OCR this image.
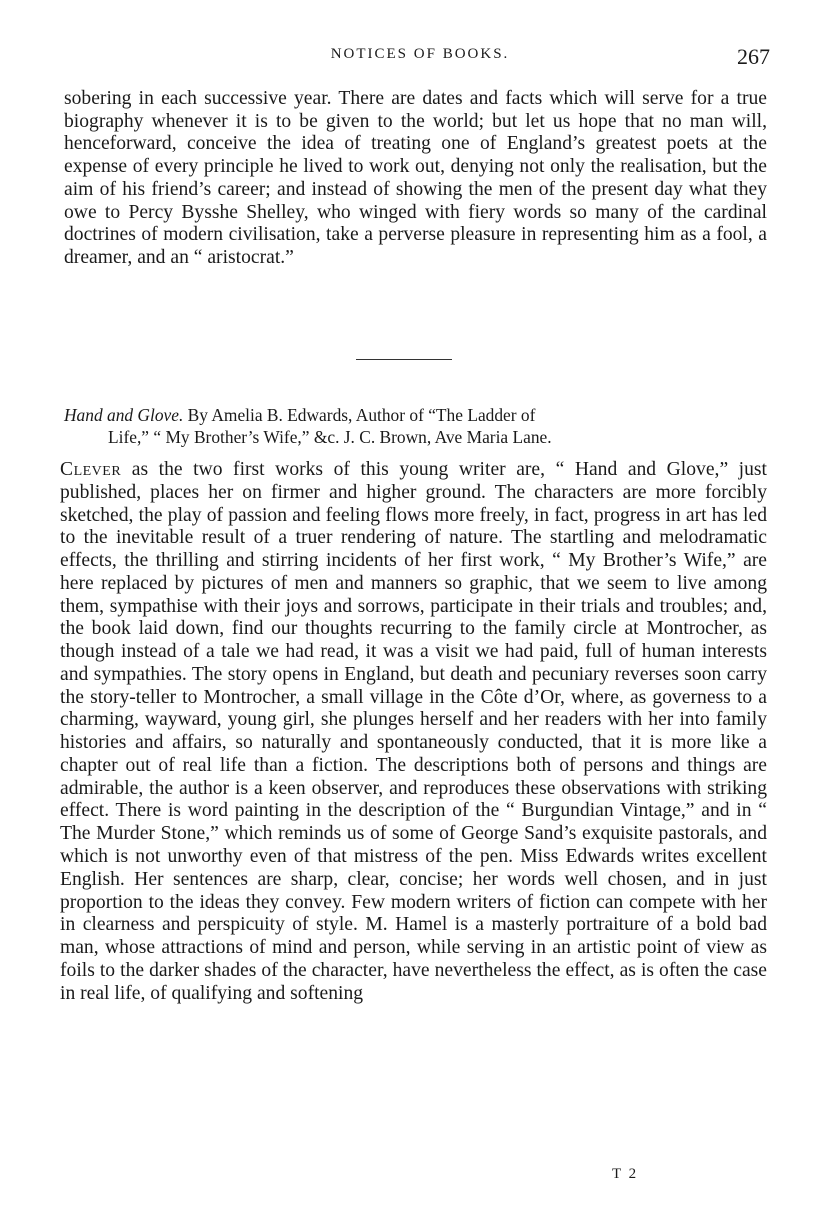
NOTICES OF BOOKS.	267

sobering in each successive year. There are dates and facts which will serve for a true biography whenever it is to be given to the world; but let us hope that no man will, henceforward, conceive the idea of treating one of England’s greatest poets at the expense of every principle he lived to work out, denying not only the realisation, but the aim of his friend’s career; and instead of showing the men of the present day what they owe to Percy Bysshe Shelley, who winged with fiery words so many of the cardinal doctrines of modern civilisation, take a perverse pleasure in representing him as a fool, a dreamer, and an “ aristocrat.”

Hand and Glove. By Amelia B. Edwards, Author of “The Ladder of
Life,” “ My Brother’s Wife,” &c. J. C. Brown, Ave Maria Lane.

Clever as the two first works of this young writer are, “ Hand and Glove,” just published, places her on firmer and higher ground. The characters are more forcibly sketched, the play of passion and feeling flows more freely, in fact, progress in art has led to the inevitable result of a truer rendering of nature. The startling and melodramatic effects, the thrilling and stirring incidents of her first work, “ My Brother’s Wife,” are here replaced by pictures of men and manners so graphic, that we seem to live among them, sympathise with their joys and sorrows, participate in their trials and troubles; and, the book laid down, find our thoughts recurring to the family circle at Montrocher, as though instead of a tale we had read, it was a visit we had paid, full of human interests and sympathies. The story opens in England, but death and pecuniary reverses soon carry the story-teller to Montrocher, a small village in the Côte d’Or, where, as governess to a charming, wayward, young girl, she plunges herself and her readers with her into family histories and affairs, so naturally and spontaneously conducted, that it is more like a chapter out of real life than a fiction. The descriptions both of persons and things are admirable, the author is a keen observer, and reproduces these observations with striking effect. There is word painting in the description of the “ Burgundian Vintage,” and in “ The Murder Stone,” which reminds us of some of George Sand’s exquisite pastorals, and which is not unworthy even of that mistress of the pen. Miss Edwards writes excellent English. Her sentences are sharp, clear, concise; her words well chosen, and in just proportion to the ideas they convey. Few modern writers of fiction can compete with her in clearness and perspicuity of style. M. Hamel is a masterly portraiture of a bold bad man, whose attractions of mind and person, while serving in an artistic point of view as foils to the darker shades of the character, have nevertheless the effect, as is often the case in real life, of qualifying and softening

T 2
